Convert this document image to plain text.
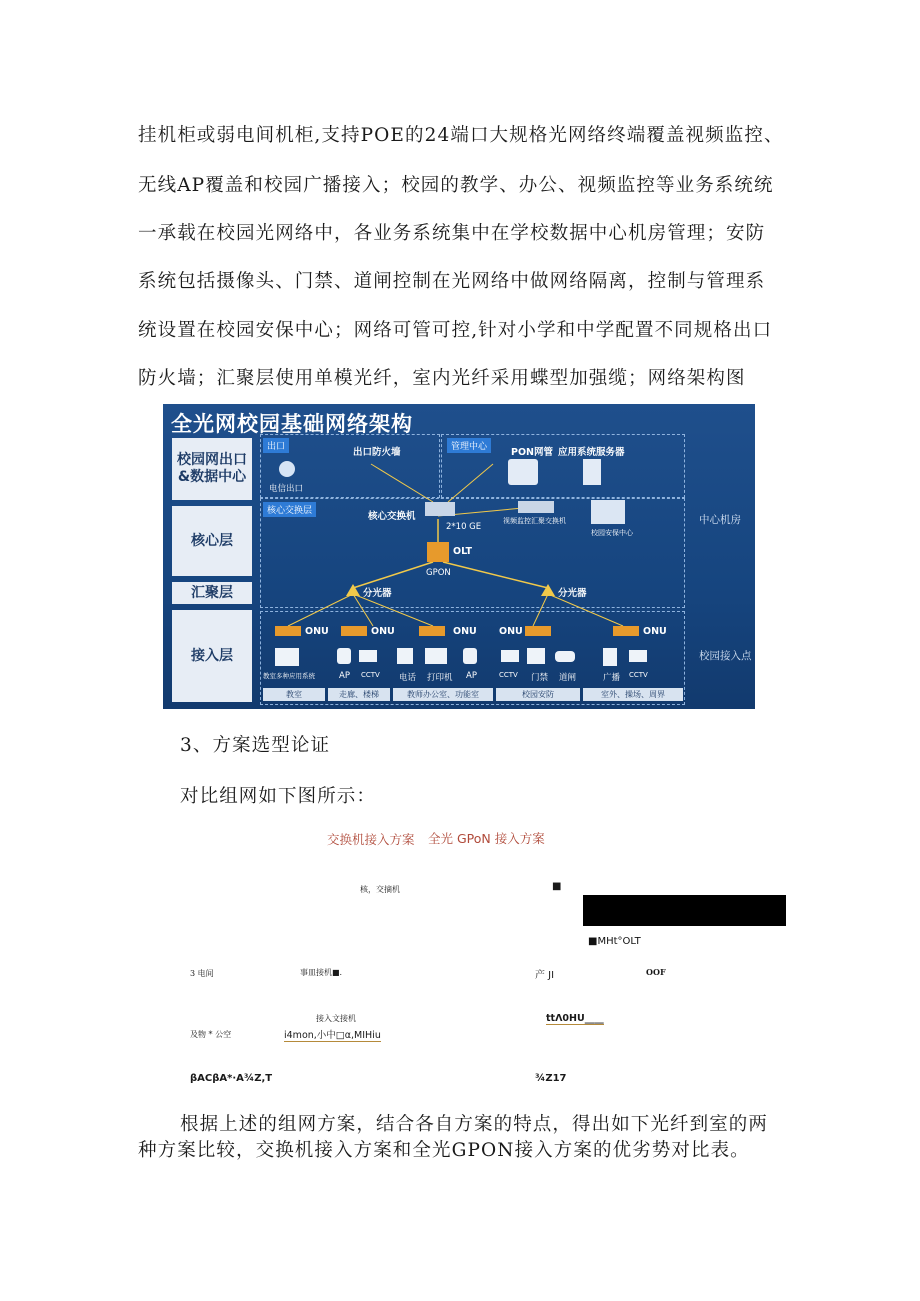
挂机柜或弱电间机柜,支持POE的24端口大规格光网络终端覆盖视频监控、
无线AP覆盖和校园广播接入；校园的教学、办公、视频监控等业务系统统
一承载在校园光网络中，各业务系统集中在学校数据中心机房管理；安防
系统包括摄像头、门禁、道闸控制在光网络中做网络隔离，控制与管理系
统设置在校园安保中心；网络可管可控,针对小学和中学配置不同规格出口
防火墙；汇聚层使用单模光纤，室内光纤采用蝶型加强缆；网络架构图
全光网校园基础网络架构
校园网出口&数据中心
核心层
汇聚层
接入层
出口	管理中心
核心交换层
出口防火墙
电信出口
PON网管 应用系统服务器
核心交换机	视频监控汇聚交换机
校园安保中心
2*10 GE
OLT
GPON
分光器	分光器
ONU	ONU	ONU ONU	ONU
教室多种应用系统	AP CCTV 电话 打印机 AP	CCTV 门禁 道闸	广播 CCTV
中心机房
校园接入点
教室	走廊、楼梯	教师办公室、功能室	校园安防	室外、操场、周界
3、方案选型论证
对比组网如下图所示：
交换机接入方案 全光 GPoN 接入方案
核，交摘机	■
■MHt°OLT
3 电间	事皿接机■.	产 JI	OOF
接入文接机
及物 * 公空	i4mon,小中□α,MIHiu
ttΛ0HU____
βACβA*·A¾Z,T	¾Z17
根据上述的组网方案，结合各自方案的特点，得出如下光纤到室的两
种方案比较，交换机接入方案和全光GPON接入方案的优劣势对比表。
